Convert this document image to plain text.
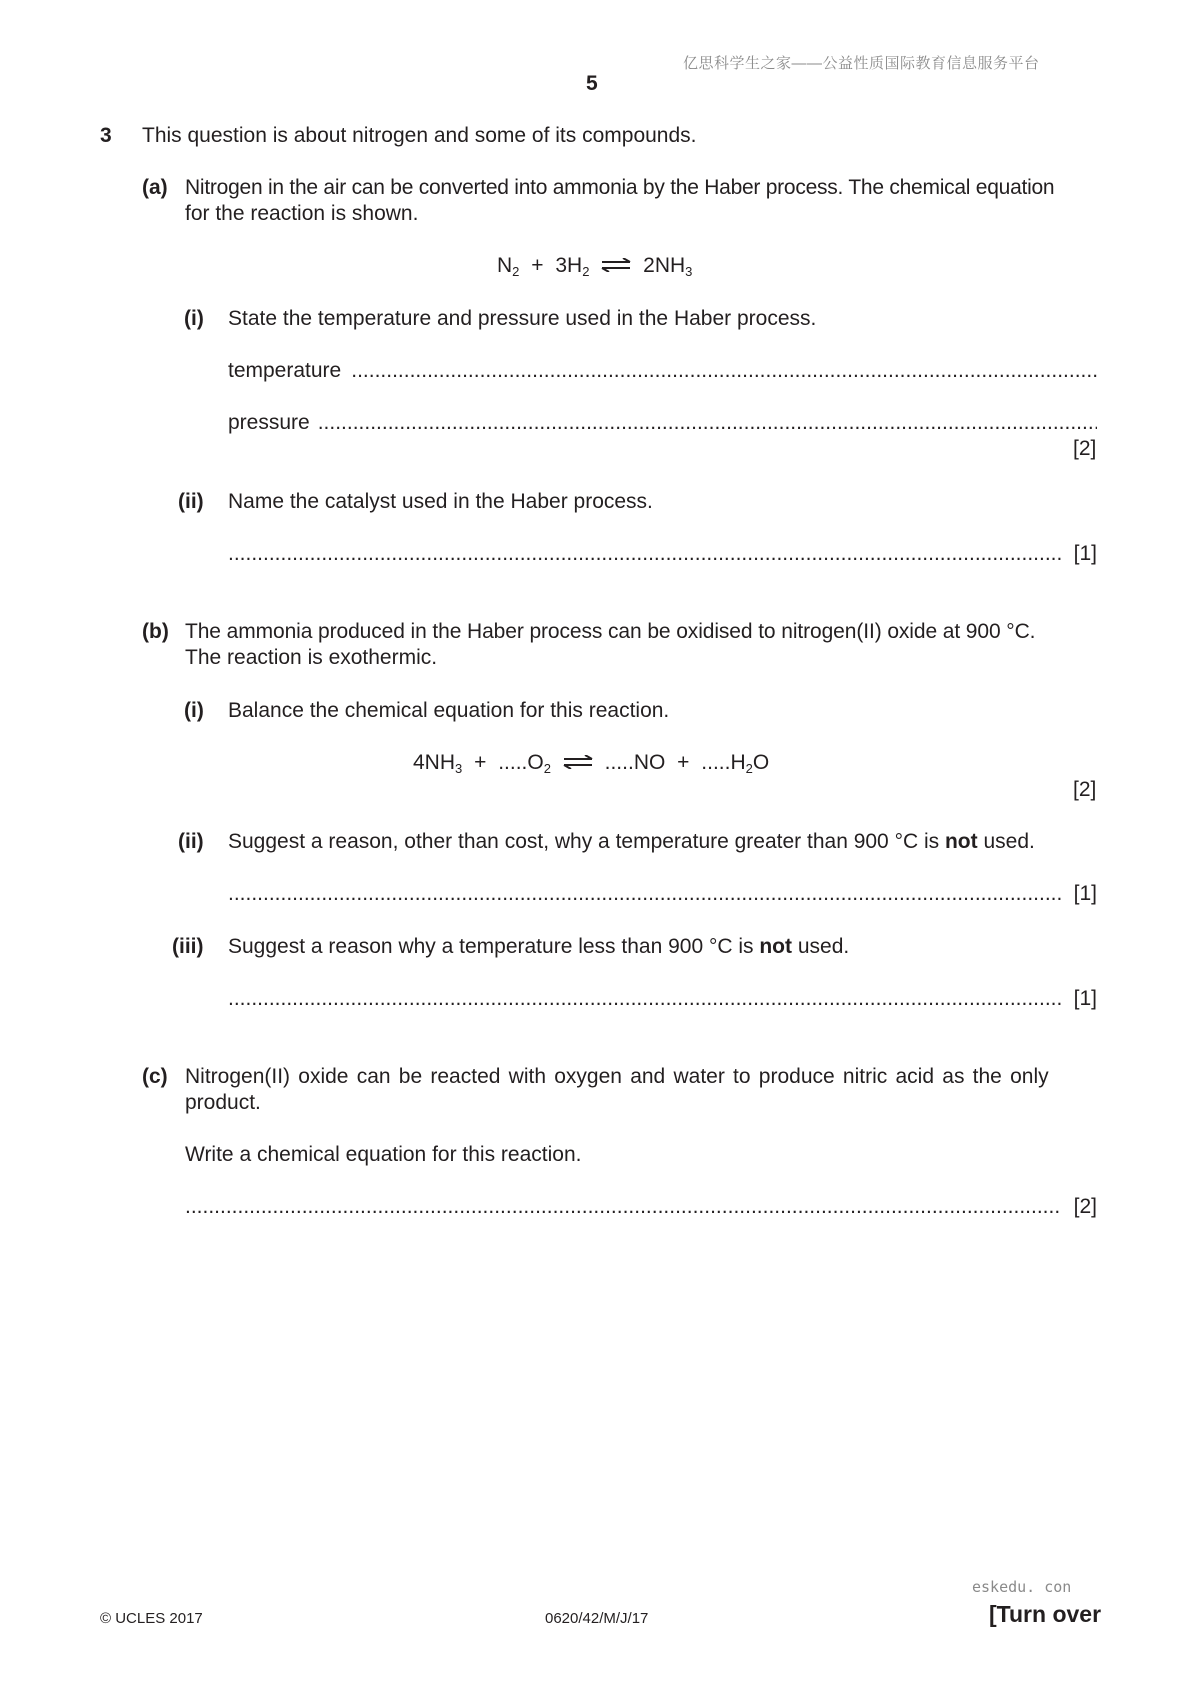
亿思科学生之家——公益性质国际教育信息服务平台
5
3 This question is about nitrogen and some of its compounds.
(a) Nitrogen in the air can be converted into ammonia by the Haber process. The chemical equation
for the reaction is shown.
$N_2 + 3H_2$ ⇌ $2NH_3$
(i) State the temperature and pressure used in the Haber process.
temperature
.....
pressure
.....
[2]
(ii) Name the catalyst used in the Haber process.
.....
[1]
(b) The ammonia produced in the Haber process can be oxidised to nitrogen(II) oxide at 900 °C.
The reaction is exothermic.
(i) Balance the chemical equation for this reaction.
$4NH_3 + .....O_2$ ⇌ $.....NO + .....H_2O$
[2]
(ii) Suggest a reason, other than cost, why a temperature greater than 900 °C is not used.
.....
[1]
(iii) Suggest a reason why a temperature less than 900 °C is not used.
.....
[1]
(c) Nitrogen(II) oxide can be reacted with oxygen and water to produce nitric acid as the only
product.
Write a chemical equation for this reaction.
.....
[2]
eskedu. con
© UCLES 2017	0620/42/M/J/17	[Turn over
